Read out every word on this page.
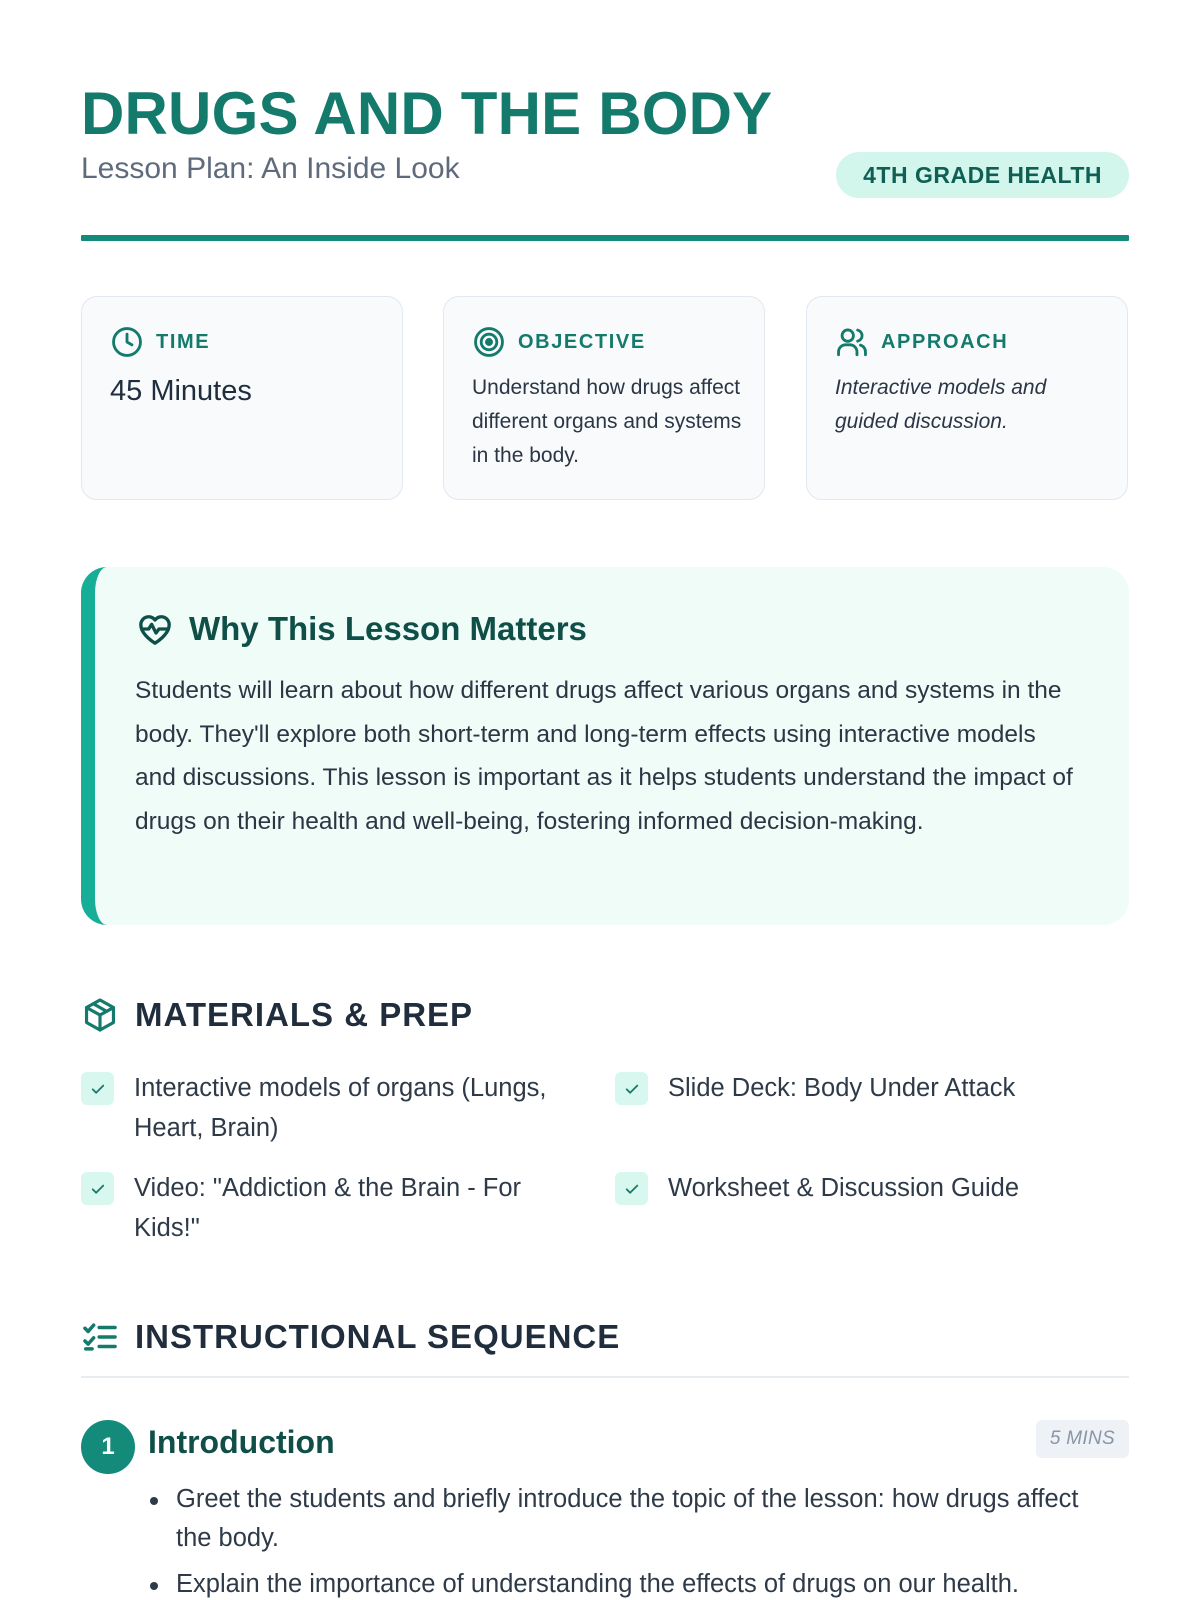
DRUGS AND THE BODY
Lesson Plan: An Inside Look	4TH GRADE HEALTH
TIME
45 Minutes
OBJECTIVE
Understand how drugs affect different organs and systems in the body.
APPROACH
Interactive models and guided discussion.
Why This Lesson Matters

Students will learn about how different drugs affect various organs and systems in the body. They'll explore both short-term and long-term effects using interactive models and discussions. This lesson is important as it helps students understand the impact of drugs on their health and well-being, fostering informed decision-making.

MATERIALS & PREP
Interactive models of organs (Lungs, Heart, Brain)
Slide Deck: Body Under Attack
Video: "Addiction & the Brain - For Kids!"
Worksheet & Discussion Guide
INSTRUCTIONAL SEQUENCE
1	Introduction	5 MINS
Greet the students and briefly introduce the topic of the lesson: how drugs affect the body.
Explain the importance of understanding the effects of drugs on our health.
